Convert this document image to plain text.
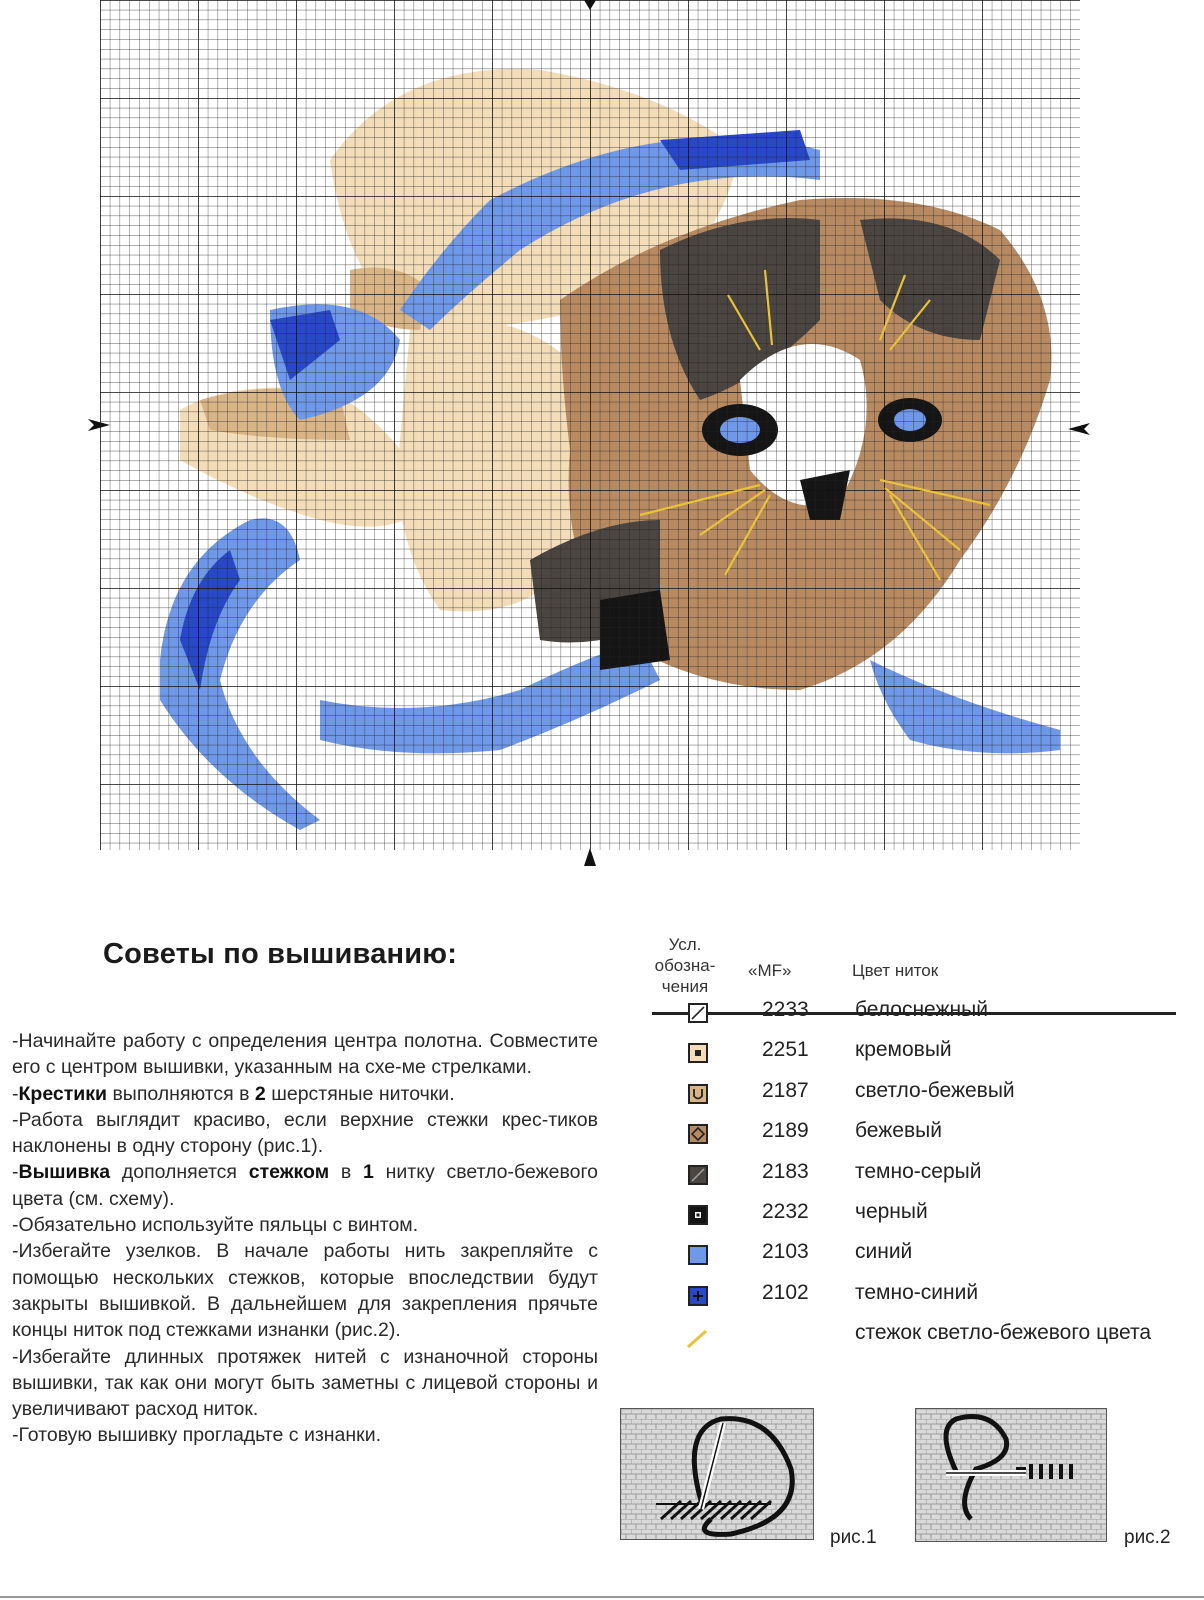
Советы по вышиванию:
-Начинайте работу с определения центра полотна. Совместите его с центром вышивки, указанным на схе-ме стрелками.
-Крестики выполняются в 2 шерстяные ниточки.
-Работа выглядит красиво, если верхние стежки крес-тиков наклонены в одну сторону (рис.1).
-Вышивка дополняется стежком в 1 нитку светло-бежевого цвета (см. схему).
-Обязательно используйте пяльцы с винтом.
-Избегайте узелков. В начале работы нить закрепляйте с помощью нескольких стежков, которые впоследствии будут закрыты вышивкой. В дальнейшем для закрепления прячьте концы ниток под стежками изнанки (рис.2).
-Избегайте длинных протяжек нитей с изнаночной стороны вышивки, так как они могут быть заметны с лицевой стороны и увеличивают расход ниток.
-Готовую вышивку прогладьте с изнанки.
Усл.
обозна-
чения
«MF»	Цвет ниток
2233 белоснежный
2251 кремовый
2187 светло-бежевый
2189 бежевый
2183 темно-серый
2232 черный
2103 синий
2102 темно-синий
стежок светло-бежевого цвета
рис.1	рис.2
